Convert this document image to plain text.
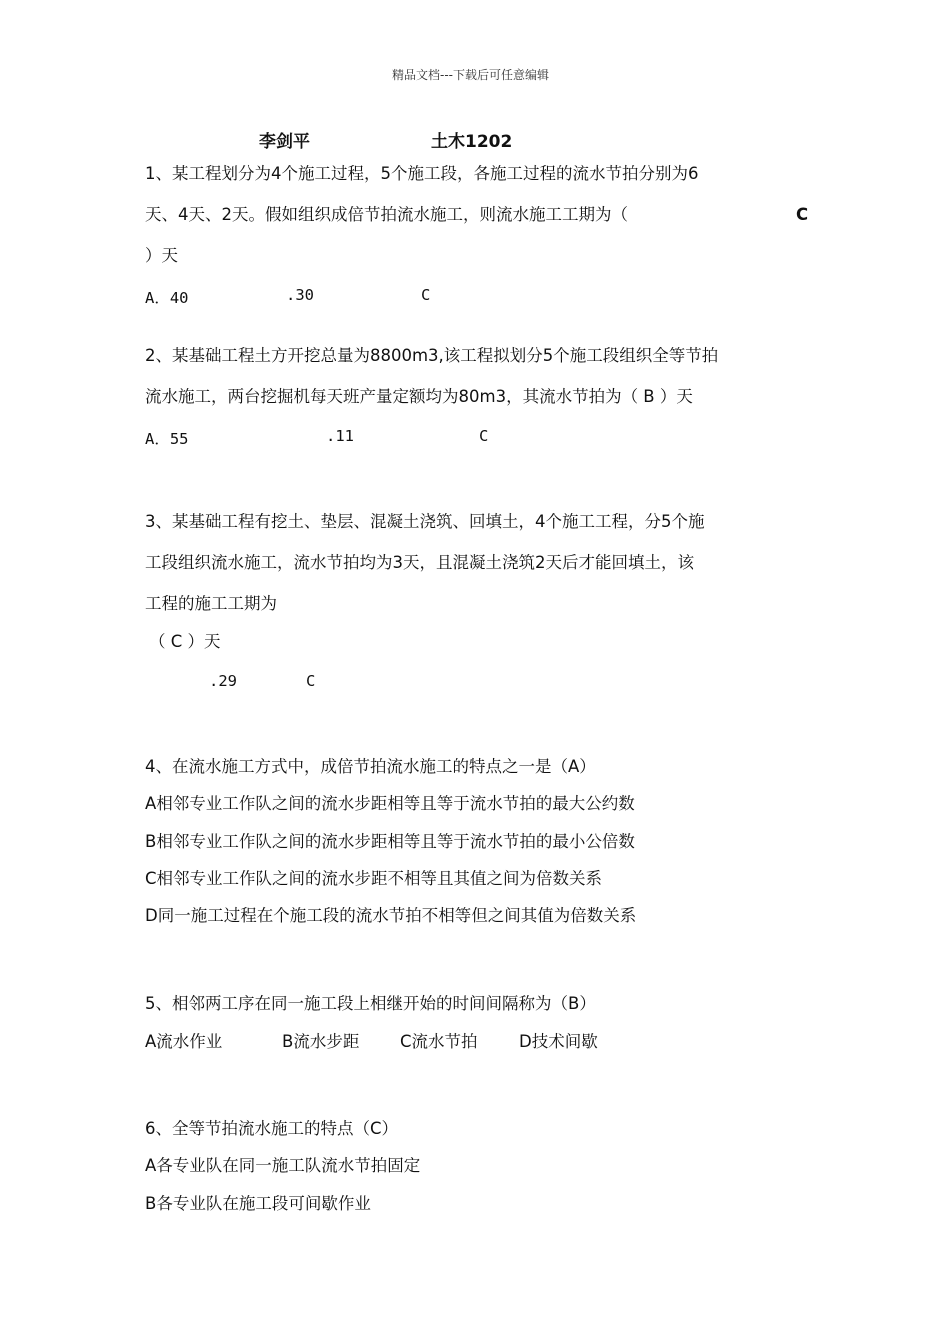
精品文档---下载后可任意编辑
李剑平	土木1202
1、某工程划分为4个施工过程，5个施工段，各施工过程的流水节拍分别为6
天、4天、2天。假如组织成倍节拍流水施工，则流水施工工期为（	C
）天
A．40	.30	C
2、某基础工程土方开挖总量为8800m3,该工程拟划分5个施工段组织全等节拍
流水施工，两台挖掘机每天班产量定额均为80m3，其流水节拍为（ B ）天
A．55	.11	C
3、某基础工程有挖土、垫层、混凝土浇筑、回填土，4个施工工程，分5个施
工段组织流水施工，流水节拍均为3天，且混凝土浇筑2天后才能回填土，该
工程的施工工期为
（ C ）天
.29	C
4、在流水施工方式中，成倍节拍流水施工的特点之一是（A）
A相邻专业工作队之间的流水步距相等且等于流水节拍的最大公约数
B相邻专业工作队之间的流水步距相等且等于流水节拍的最小公倍数
C相邻专业工作队之间的流水步距不相等且其值之间为倍数关系
D同一施工过程在个施工段的流水节拍不相等但之间其值为倍数关系
5、相邻两工序在同一施工段上相继开始的时间间隔称为（B）
A流水作业	B流水步距 C流水节拍	D技术间歇
6、全等节拍流水施工的特点（C）
A各专业队在同一施工队流水节拍固定
B各专业队在施工段可间歇作业
